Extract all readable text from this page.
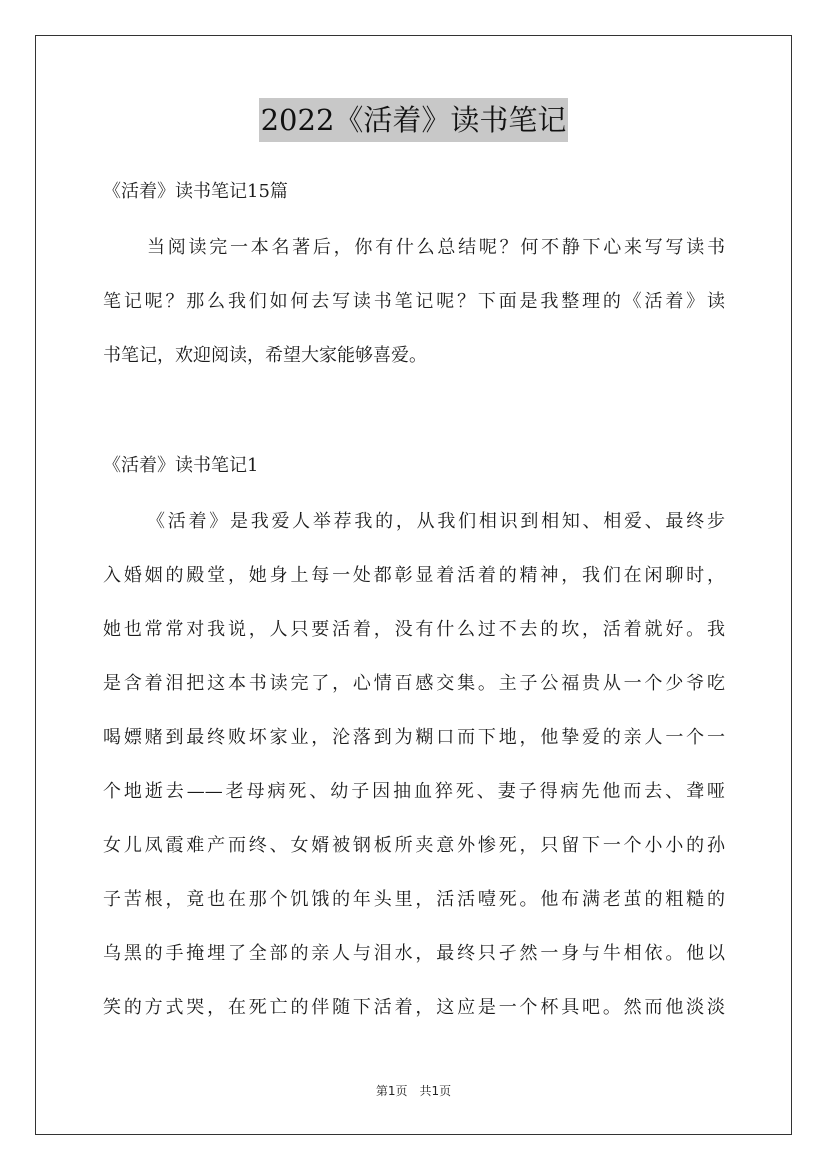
2022《活着》读书笔记
《活着》读书笔记15篇
当阅读完一本名著后，你有什么总结呢？何不静下心来写写读书
笔记呢？那么我们如何去写读书笔记呢？下面是我整理的《活着》读
书笔记，欢迎阅读，希望大家能够喜爱。
《活着》读书笔记1
《活着》是我爱人举荐我的，从我们相识到相知、相爱、最终步
入婚姻的殿堂，她身上每一处都彰显着活着的精神，我们在闲聊时，
她也常常对我说，人只要活着，没有什么过不去的坎，活着就好。我
是含着泪把这本书读完了，心情百感交集。主子公福贵从一个少爷吃
喝嫖赌到最终败坏家业，沦落到为糊口而下地，他挚爱的亲人一个一
个地逝去——老母病死、幼子因抽血猝死、妻子得病先他而去、聋哑
女儿凤霞难产而终、女婿被钢板所夹意外惨死，只留下一个小小的孙
子苦根，竟也在那个饥饿的年头里，活活噎死。他布满老茧的粗糙的
乌黑的手掩埋了全部的亲人与泪水，最终只孑然一身与牛相依。他以
笑的方式哭，在死亡的伴随下活着，这应是一个杯具吧。然而他淡淡
第1页　共1页
